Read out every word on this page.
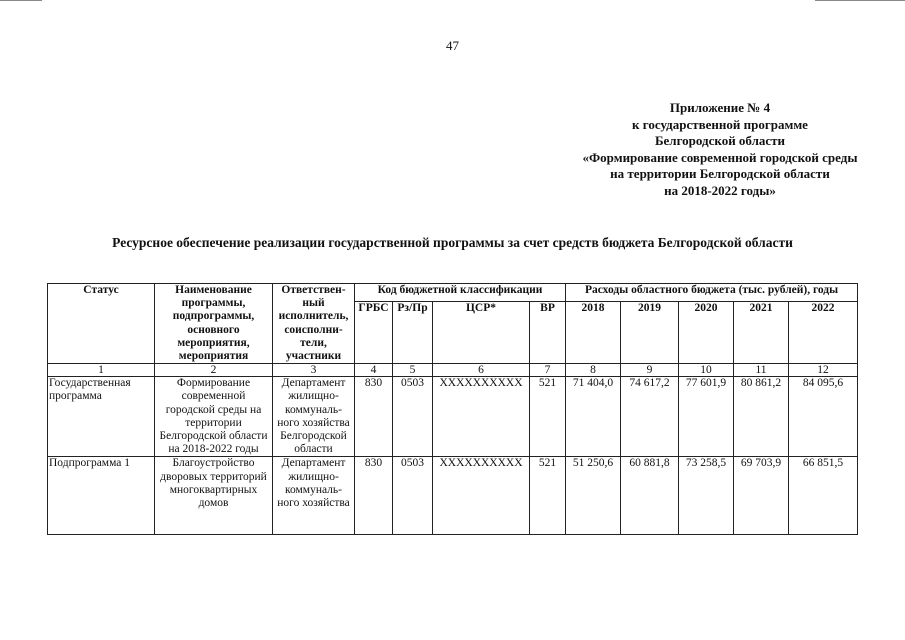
47
Приложение № 4
к государственной программе
Белгородской области
«Формирование современной городской среды
на территории Белгородской области
на 2018-2022 годы»
Ресурсное обеспечение реализации государственной программы за счет средств бюджета Белгородской области
Статус	Наименование программы, подпрограммы, основного мероприятия, мероприятия	Ответствен-ный исполнитель, соисполни-тели, участники	Код бюджетной классификации				Расходы областного бюджета (тыс. рублей), годы				
			ГРБС	Рз/Пр	ЦСР*	ВР	2018	2019	2020	2021	2022
1	2	3	4	5	6	7	8	9	10	11	12
Государственная программа	Формирование современной городской среды на территории Белгородской области на 2018-2022 годы	Департамент жилищно-коммуналь-ного хозяйства Белгородской области	830	0503	XXXXXXXXXX	521	71 404,0	74 617,2	77 601,9	80 861,2	84 095,6

Подпрограмма 1	Благоустройство дворовых территорий многоквартирных домов	Департамент жилищно-коммуналь-ного хозяйства	830	0503	XXXXXXXXXX	521	51 250,6	60 881,8	73 258,5	69 703,9	66 851,5
